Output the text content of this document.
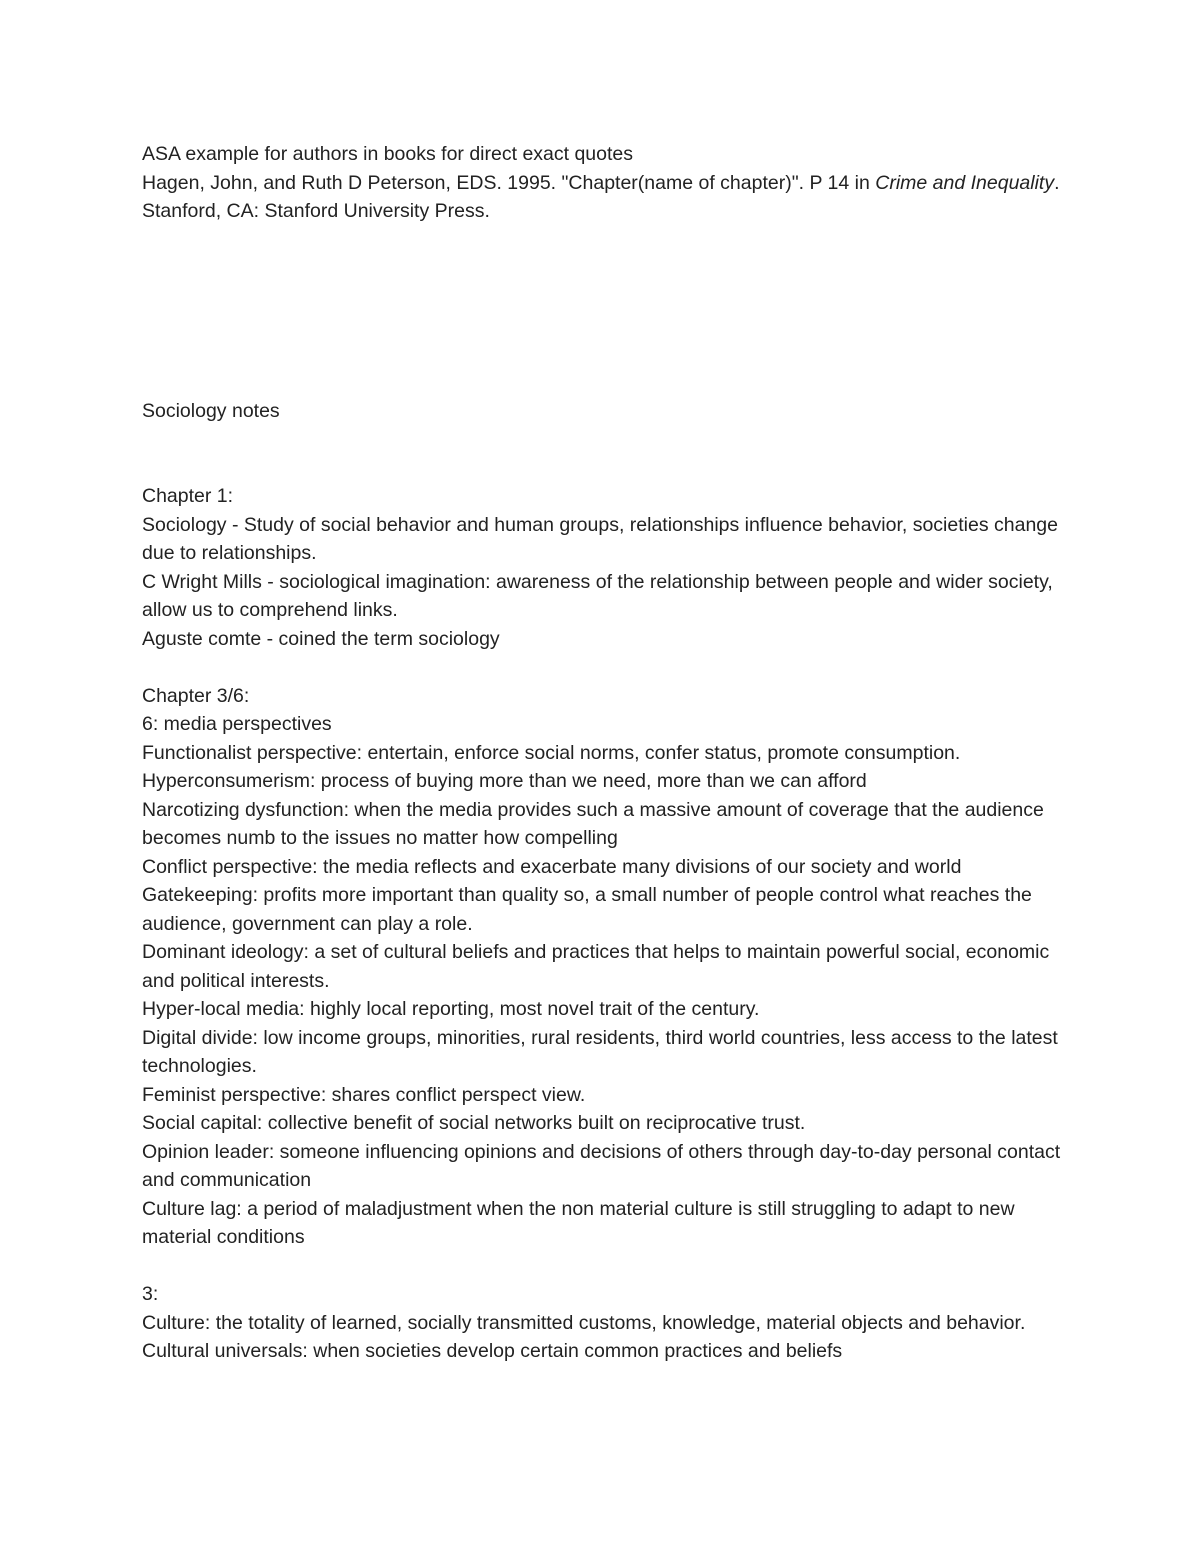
ASA example for authors in books for direct exact quotes

Hagen, John, and Ruth D Peterson, EDS. 1995. "Chapter(name of chapter)". P 14 in Crime and Inequality. Stanford, CA: Stanford University Press.

Sociology notes

Chapter 1:

Sociology - Study of social behavior and human groups, relationships influence behavior, societies change due to relationships.

C Wright Mills - sociological imagination: awareness of the relationship between people and wider society, allow us to comprehend links.

Aguste comte - coined the term sociology

Chapter 3/6:

6: media perspectives

Functionalist perspective: entertain, enforce social norms, confer status, promote consumption.

Hyperconsumerism: process of buying more than we need, more than we can afford

Narcotizing dysfunction: when the media provides such a massive amount of coverage that the audience becomes numb to the issues no matter how compelling

Conflict perspective: the media reflects and exacerbate many divisions of our society and world

Gatekeeping: profits more important than quality so, a small number of people control what reaches the audience, government can play a role.

Dominant ideology: a set of cultural beliefs and practices that helps to maintain powerful social, economic and political interests.

Hyper-local media: highly local reporting, most novel trait of the century.

Digital divide: low income groups, minorities, rural residents, third world countries, less access to the latest technologies.

Feminist perspective: shares conflict perspect view.

Social capital: collective benefit of social networks built on reciprocative trust.

Opinion leader: someone influencing opinions and decisions of others through day-to-day personal contact and communication

Culture lag: a period of maladjustment when the non material culture is still struggling to adapt to new material conditions

3:

Culture: the totality of learned, socially transmitted customs, knowledge, material objects and behavior.

Cultural universals: when societies develop certain common practices and beliefs
